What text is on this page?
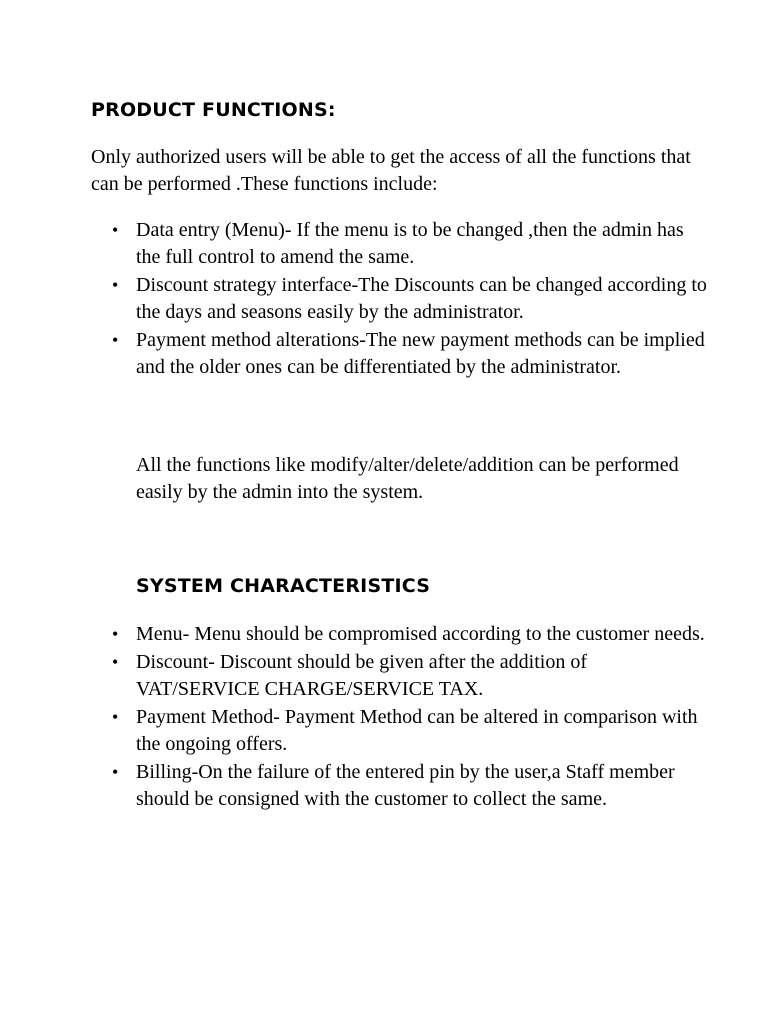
PRODUCT FUNCTIONS:

Only authorized users will be able to get the access of all the functions that can be performed .These functions include:

• Data entry (Menu)- If the menu is to be changed ,then the admin has the full control to amend the same.
• Discount strategy interface-The Discounts can be changed according to the days and seasons easily by the administrator.
• Payment method alterations-The new payment methods can be implied and the older ones can be differentiated by the administrator.

All the functions like modify/alter/delete/addition can be performed easily by the admin into the system.

SYSTEM CHARACTERISTICS
• Menu- Menu should be compromised according to the customer needs.
• Discount- Discount should be given after the addition of VAT/SERVICE CHARGE/SERVICE TAX.
• Payment Method- Payment Method can be altered in comparison with the ongoing offers.
• Billing-On the failure of the entered pin by the user,a Staff member should be consigned with the customer to collect the same.
